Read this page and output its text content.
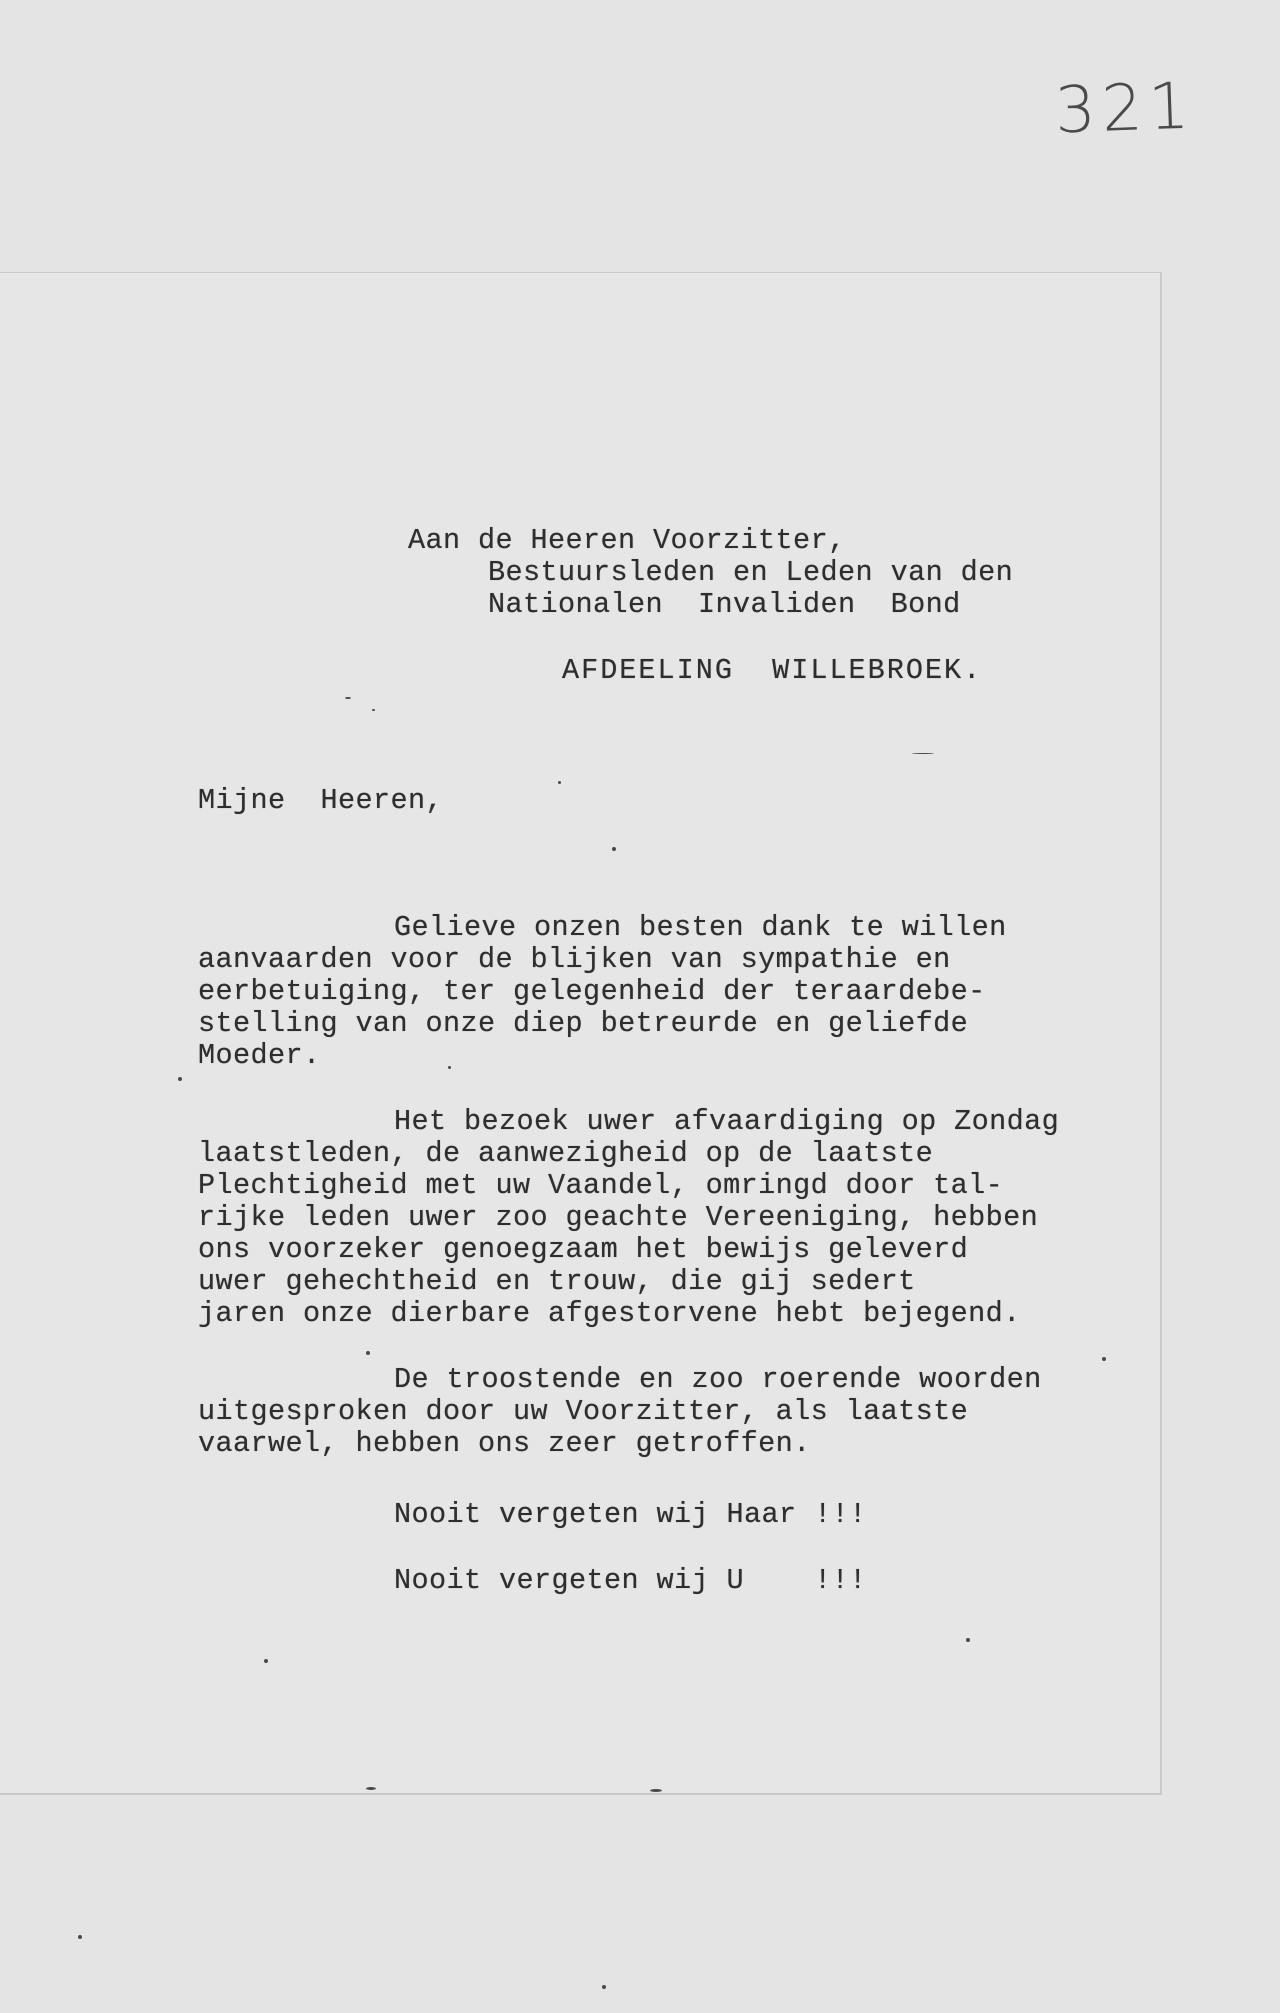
321
Aan de Heeren Voorzitter,
Bestuursleden en Leden van den
Nationalen  Invaliden  Bond
AFDEELING  WILLEBROEK.
Mijne  Heeren,
Gelieve onzen besten dank te willen
aanvaarden voor de blijken van sympathie en
eerbetuiging, ter gelegenheid der teraardebe-
stelling van onze diep betreurde en geliefde
Moeder.
Het bezoek uwer afvaardiging op Zondag
laatstleden, de aanwezigheid op de laatste
Plechtigheid met uw Vaandel, omringd door tal-
rijke leden uwer zoo geachte Vereeniging, hebben
ons voorzeker genoegzaam het bewijs geleverd
uwer gehechtheid en trouw, die gij sedert
jaren onze dierbare afgestorvene hebt bejegend.
De troostende en zoo roerende woorden
uitgesproken door uw Voorzitter, als laatste
vaarwel, hebben ons zeer getroffen.
Nooit vergeten wij Haar !!!
Nooit vergeten wij U    !!!
